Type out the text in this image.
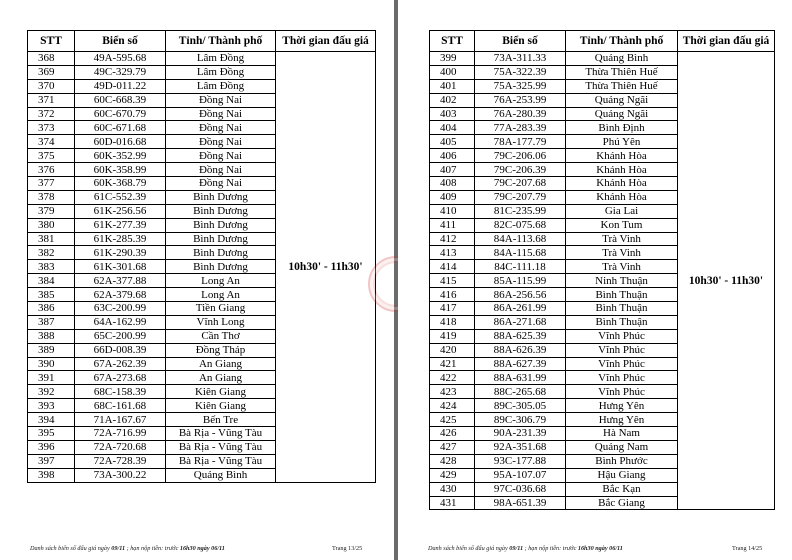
STT	Biển số	Tỉnh/ Thành phố	Thời gian đấu giá
368	49A-595.68	Lâm Đồng	10h30' - 11h30'
369	49C-329.79	Lâm Đồng	
370	49D-011.22	Lâm Đồng	
371	60C-668.39	Đồng Nai	
372	60C-670.79	Đồng Nai	
373	60C-671.68	Đồng Nai	
374	60D-016.68	Đồng Nai	
375	60K-352.99	Đồng Nai	
376	60K-358.99	Đồng Nai	
377	60K-368.79	Đồng Nai	
378	61C-552.39	Bình Dương	
379	61K-256.56	Bình Dương	
380	61K-277.39	Bình Dương	
381	61K-285.39	Bình Dương	
382	61K-290.39	Bình Dương	
383	61K-301.68	Bình Dương	
384	62A-377.88	Long An	
385	62A-379.68	Long An	
386	63C-200.99	Tiền Giang	
387	64A-162.99	Vĩnh Long	
388	65C-200.99	Cần Thơ	
389	66D-008.39	Đồng Tháp	
390	67A-262.39	An Giang	
391	67A-273.68	An Giang	
392	68C-158.39	Kiên Giang	
393	68C-161.68	Kiên Giang	
394	71A-167.67	Bến Tre	
395	72A-716.99	Bà Rịa - Vũng Tàu	
396	72A-720.68	Bà Rịa - Vũng Tàu	
397	72A-728.39	Bà Rịa - Vũng Tàu	
398	73A-300.22	Quảng Bình	
Danh sách biển số đấu giá ngày 09/11 ; hạn nộp tiền: trước 16h30 ngày 06/11	Trang 13/25
STT	Biển số	Tỉnh/ Thành phố	Thời gian đấu giá
399	73A-311.33	Quảng Bình	10h30' - 11h30'
400	75A-322.39	Thừa Thiên Huế	
401	75A-325.99	Thừa Thiên Huế	
402	76A-253.99	Quảng Ngãi	
403	76A-280.39	Quảng Ngãi	
404	77A-283.39	Bình Định	
405	78A-177.79	Phú Yên	
406	79C-206.06	Khánh Hòa	
407	79C-206.39	Khánh Hòa	
408	79C-207.68	Khánh Hòa	
409	79C-207.79	Khánh Hòa	
410	81C-235.99	Gia Lai	
411	82C-075.68	Kon Tum	
412	84A-113.68	Trà Vinh	
413	84A-115.68	Trà Vinh	
414	84C-111.18	Trà Vinh	
415	85A-115.99	Ninh Thuận	
416	86A-256.56	Bình Thuận	
417	86A-261.99	Bình Thuận	
418	86A-271.68	Bình Thuận	
419	88A-625.39	Vĩnh Phúc	
420	88A-626.39	Vĩnh Phúc	
421	88A-627.39	Vĩnh Phúc	
422	88A-631.99	Vĩnh Phúc	
423	88C-265.68	Vĩnh Phúc	
424	89C-305.05	Hưng Yên	
425	89C-306.79	Hưng Yên	
426	90A-231.39	Hà Nam	
427	92A-351.68	Quảng Nam	
428	93C-177.88	Bình Phước	
429	95A-107.07	Hậu Giang	
430	97C-036.68	Bắc Kạn	
431	98A-651.39	Bắc Giang	
Danh sách biển số đấu giá ngày 09/11 ; hạn nộp tiền: trước 16h30 ngày 06/11	Trang 14/25
